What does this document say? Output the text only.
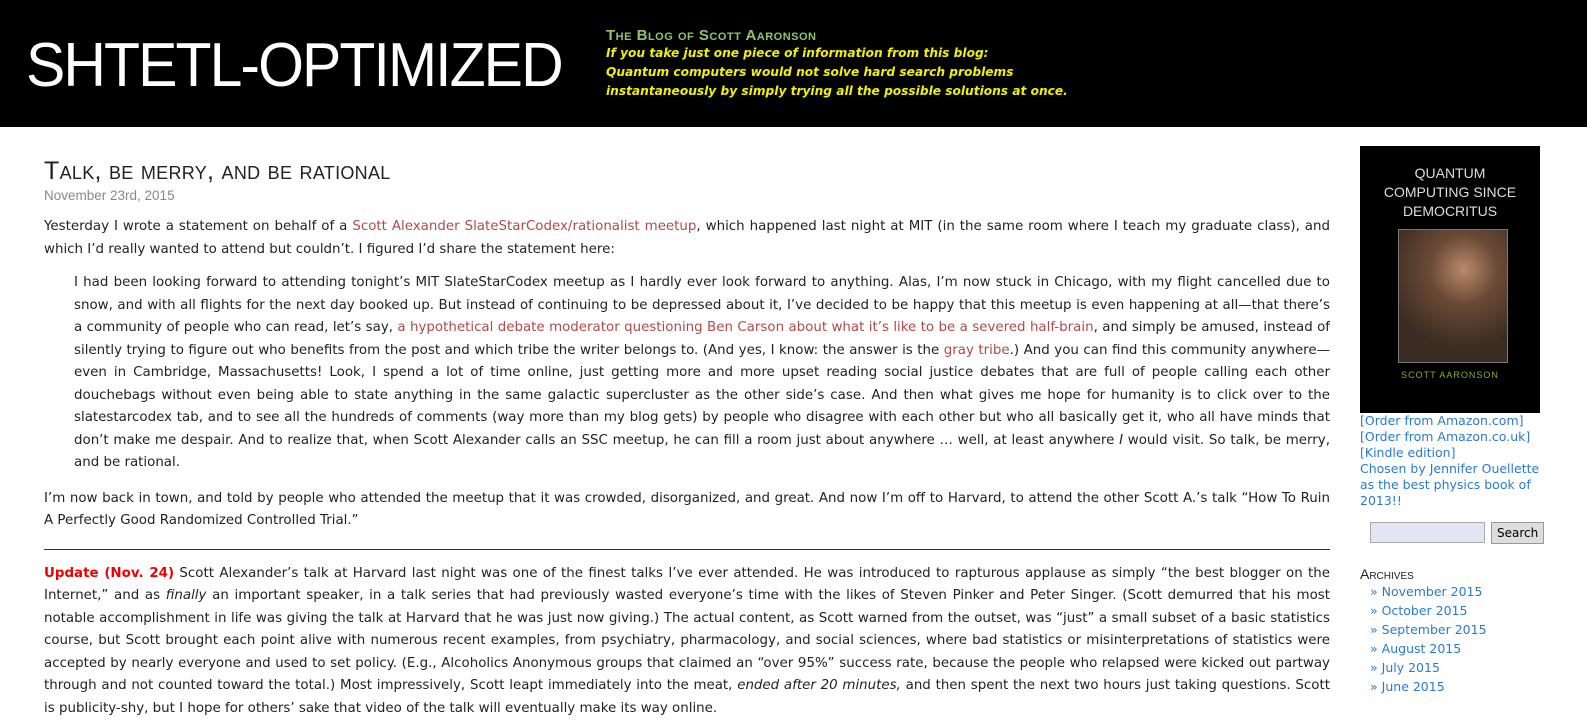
SHTETL-OPTIMIZED	The Blog of Scott Aaronson
If you take just one piece of information from this blog:
Quantum computers would not solve hard search problems
instantaneously by simply trying all the possible solutions at once.
Talk, be merry, and be rational
November 23rd, 2015
Yesterday I wrote a statement on behalf of a Scott Alexander SlateStarCodex/rationalist meetup, which happened last night at MIT (in the same room where I teach my graduate class), and which I’d really wanted to attend but couldn’t. I figured I’d share the statement here:
I had been looking forward to attending tonight’s MIT SlateStarCodex meetup as I hardly ever look forward to anything. Alas, I’m now stuck in Chicago, with my flight cancelled due to snow, and with all flights for the next day booked up. But instead of continuing to be depressed about it, I’ve decided to be happy that this meetup is even happening at all—that there’s a community of people who can read, let’s say, a hypothetical debate moderator questioning Ben Carson about what it’s like to be a severed half-brain, and simply be amused, instead of silently trying to figure out who benefits from the post and which tribe the writer belongs to. (And yes, I know: the answer is the gray tribe.) And you can find this community anywhere—even in Cambridge, Massachusetts! Look, I spend a lot of time online, just getting more and more upset reading social justice debates that are full of people calling each other douchebags without even being able to state anything in the same galactic supercluster as the other side’s case. And then what gives me hope for humanity is to click over to the slatestarcodex tab, and to see all the hundreds of comments (way more than my blog gets) by people who disagree with each other but who all basically get it, who all have minds that don’t make me despair. And to realize that, when Scott Alexander calls an SSC meetup, he can fill a room just about anywhere … well, at least anywhere I would visit. So talk, be merry, and be rational.
I’m now back in town, and told by people who attended the meetup that it was crowded, disorganized, and great. And now I’m off to Harvard, to attend the other Scott A.’s talk “How To Ruin A Perfectly Good Randomized Controlled Trial.”
Update (Nov. 24) Scott Alexander’s talk at Harvard last night was one of the finest talks I’ve ever attended. He was introduced to rapturous applause as simply “the best blogger on the Internet,” and as finally an important speaker, in a talk series that had previously wasted everyone’s time with the likes of Steven Pinker and Peter Singer. (Scott demurred that his most notable accomplishment in life was giving the talk at Harvard that he was just now giving.) The actual content, as Scott warned from the outset, was “just” a small subset of a basic statistics course, but Scott brought each point alive with numerous recent examples, from psychiatry, pharmacology, and social sciences, where bad statistics or misinterpretations of statistics were accepted by nearly everyone and used to set policy. (E.g., Alcoholics Anonymous groups that claimed an “over 95%” success rate, because the people who relapsed were kicked out partway through and not counted toward the total.) Most impressively, Scott leapt immediately into the meat, ended after 20 minutes, and then spent the next two hours just taking questions. Scott is publicity-shy, but I hope for others’ sake that video of the talk will eventually make its way online.
QUANTUM
COMPUTING SINCE
DEMOCRITUS
SCOTT AARONSON
[Order from Amazon.com]
[Order from Amazon.co.uk]
[Kindle edition]
Chosen by Jennifer Ouellette
as the best physics book of
2013!!
Search
Archives
» November 2015
» October 2015
» September 2015
» August 2015
» July 2015
» June 2015
